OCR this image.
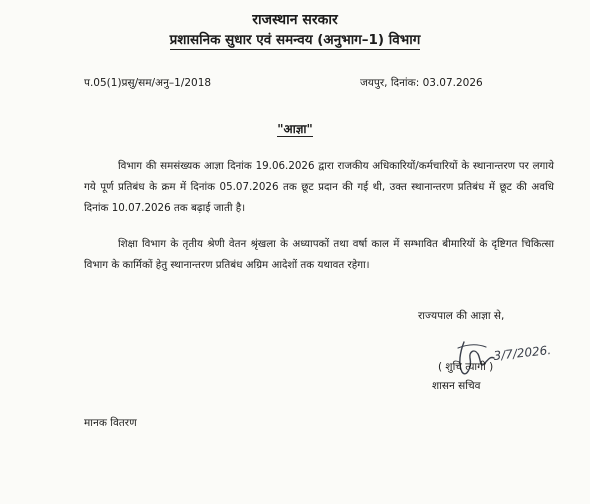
राजस्थान सरकार
प्रशासनिक सुधार एवं समन्वय (अनुभाग–1) विभाग
प.05(1)प्रसु/सम/अनु–1/2018	जयपुर, दिनांक: 03.07.2026
"आज्ञा"
विभाग की समसंख्यक आज्ञा दिनांक 19.06.2026 द्वारा राजकीय अधिकारियों/कर्मचारियों के स्थानान्तरण पर लगाये गये पूर्ण प्रतिबंध के क्रम में दिनांक 05.07.2026 तक छूट प्रदान की गई थी, उक्त स्थानान्तरण प्रतिबंध में छूट की अवधि दिनांक 10.07.2026 तक बढ़ाई जाती है।
शिक्षा विभाग के तृतीय श्रेणी वेतन श्रृंखला के अध्यापकों तथा वर्षा काल में सम्भावित बीमारियों के दृष्टिगत चिकित्सा विभाग के कार्मिकों हेतु स्थानान्तरण प्रतिबंध अग्रिम आदेशों तक यथावत रहेगा।
राज्यपाल की आज्ञा से,
3/7/2026.
( शुचि त्यागी )
शासन सचिव
मानक वितरण
